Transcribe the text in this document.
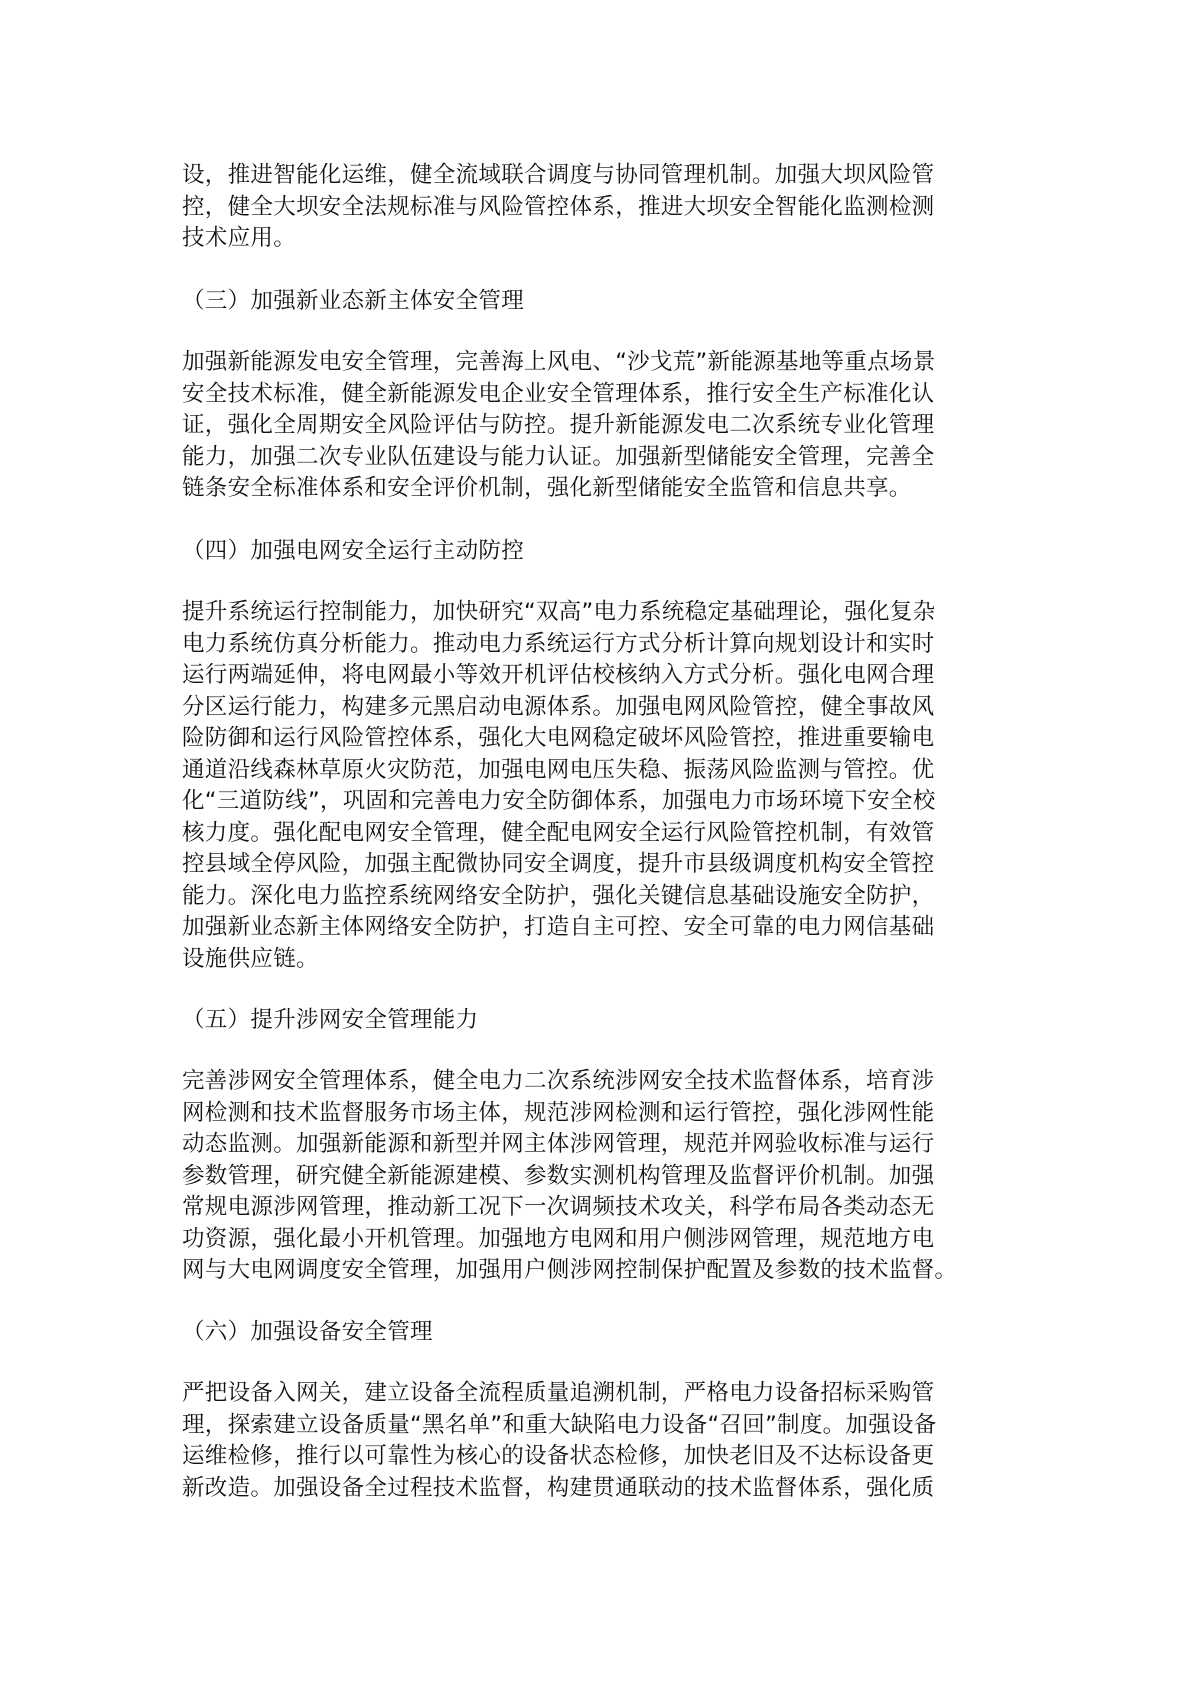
设，推进智能化运维，健全流域联合调度与协同管理机制。加强大坝风险管
控，健全大坝安全法规标准与风险管控体系，推进大坝安全智能化监测检测
技术应用。
（三）加强新业态新主体安全管理
加强新能源发电安全管理，完善海上风电、“沙戈荒”新能源基地等重点场景
安全技术标准，健全新能源发电企业安全管理体系，推行安全生产标准化认
证，强化全周期安全风险评估与防控。提升新能源发电二次系统专业化管理
能力，加强二次专业队伍建设与能力认证。加强新型储能安全管理，完善全
链条安全标准体系和安全评价机制，强化新型储能安全监管和信息共享。
（四）加强电网安全运行主动防控
提升系统运行控制能力，加快研究“双高”电力系统稳定基础理论，强化复杂
电力系统仿真分析能力。推动电力系统运行方式分析计算向规划设计和实时
运行两端延伸，将电网最小等效开机评估校核纳入方式分析。强化电网合理
分区运行能力，构建多元黑启动电源体系。加强电网风险管控，健全事故风
险防御和运行风险管控体系，强化大电网稳定破坏风险管控，推进重要输电
通道沿线森林草原火灾防范，加强电网电压失稳、振荡风险监测与管控。优
化“三道防线”，巩固和完善电力安全防御体系，加强电力市场环境下安全校
核力度。强化配电网安全管理，健全配电网安全运行风险管控机制，有效管
控县域全停风险，加强主配微协同安全调度，提升市县级调度机构安全管控
能力。深化电力监控系统网络安全防护，强化关键信息基础设施安全防护，
加强新业态新主体网络安全防护，打造自主可控、安全可靠的电力网信基础
设施供应链。
（五）提升涉网安全管理能力
完善涉网安全管理体系，健全电力二次系统涉网安全技术监督体系，培育涉
网检测和技术监督服务市场主体，规范涉网检测和运行管控，强化涉网性能
动态监测。加强新能源和新型并网主体涉网管理，规范并网验收标准与运行
参数管理，研究健全新能源建模、参数实测机构管理及监督评价机制。加强
常规电源涉网管理，推动新工况下一次调频技术攻关，科学布局各类动态无
功资源，强化最小开机管理。加强地方电网和用户侧涉网管理，规范地方电
网与大电网调度安全管理，加强用户侧涉网控制保护配置及参数的技术监督。
（六）加强设备安全管理
严把设备入网关，建立设备全流程质量追溯机制，严格电力设备招标采购管
理，探索建立设备质量“黑名单”和重大缺陷电力设备“召回”制度。加强设备
运维检修，推行以可靠性为核心的设备状态检修，加快老旧及不达标设备更
新改造。加强设备全过程技术监督，构建贯通联动的技术监督体系，强化质
